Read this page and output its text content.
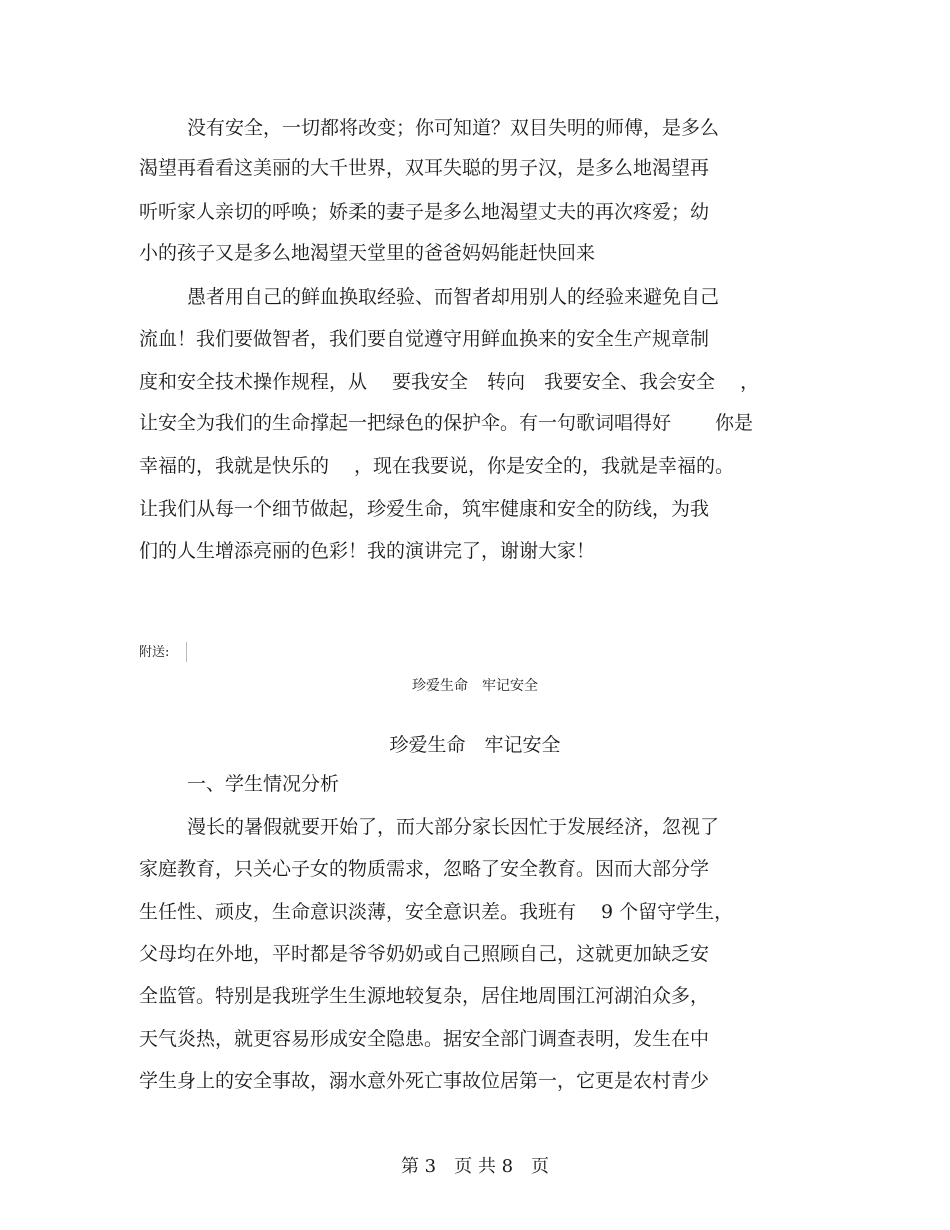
没有安全，一切都将改变；你可知道？双目失明的师傅，是多么
渴望再看看这美丽的大千世界，双耳失聪的男子汉，是多么地渴望再
听听家人亲切的呼唤；娇柔的妻子是多么地渴望丈夫的再次疼爱；幼
小的孩子又是多么地渴望天堂里的爸爸妈妈能赶快回来
愚者用自己的鲜血换取经验、而智者却用别人的经验来避免自己
流血！我们要做智者，我们要自觉遵守用鲜血换来的安全生产规章制
度和安全技术操作规程，从　 要我安全　转向　我要安全、我会安全　 ，
让安全为我们的生命撑起一把绿色的保护伞。有一句歌词唱得好　　 你是
幸福的，我就是快乐的　 ，现在我要说，你是安全的，我就是幸福的。
让我们从每一个细节做起，珍爱生命，筑牢健康和安全的防线，为我
们的人生增添亮丽的色彩！我的演讲完了，谢谢大家！
附送:
珍爱生命　牢记安全
珍爱生命　牢记安全
一、学生情况分析
漫长的暑假就要开始了，而大部分家长因忙于发展经济，忽视了
家庭教育，只关心子女的物质需求，忽略了安全教育。因而大部分学
生任性、顽皮，生命意识淡薄，安全意识差。我班有　 9 个留守学生，
父母均在外地，平时都是爷爷奶奶或自己照顾自己，这就更加缺乏安
全监管。特别是我班学生生源地较复杂，居住地周围江河湖泊众多，
天气炎热，就更容易形成安全隐患。据安全部门调查表明，发生在中
学生身上的安全事故，溺水意外死亡事故位居第一，它更是农村青少
第 3　页 共 8　页
